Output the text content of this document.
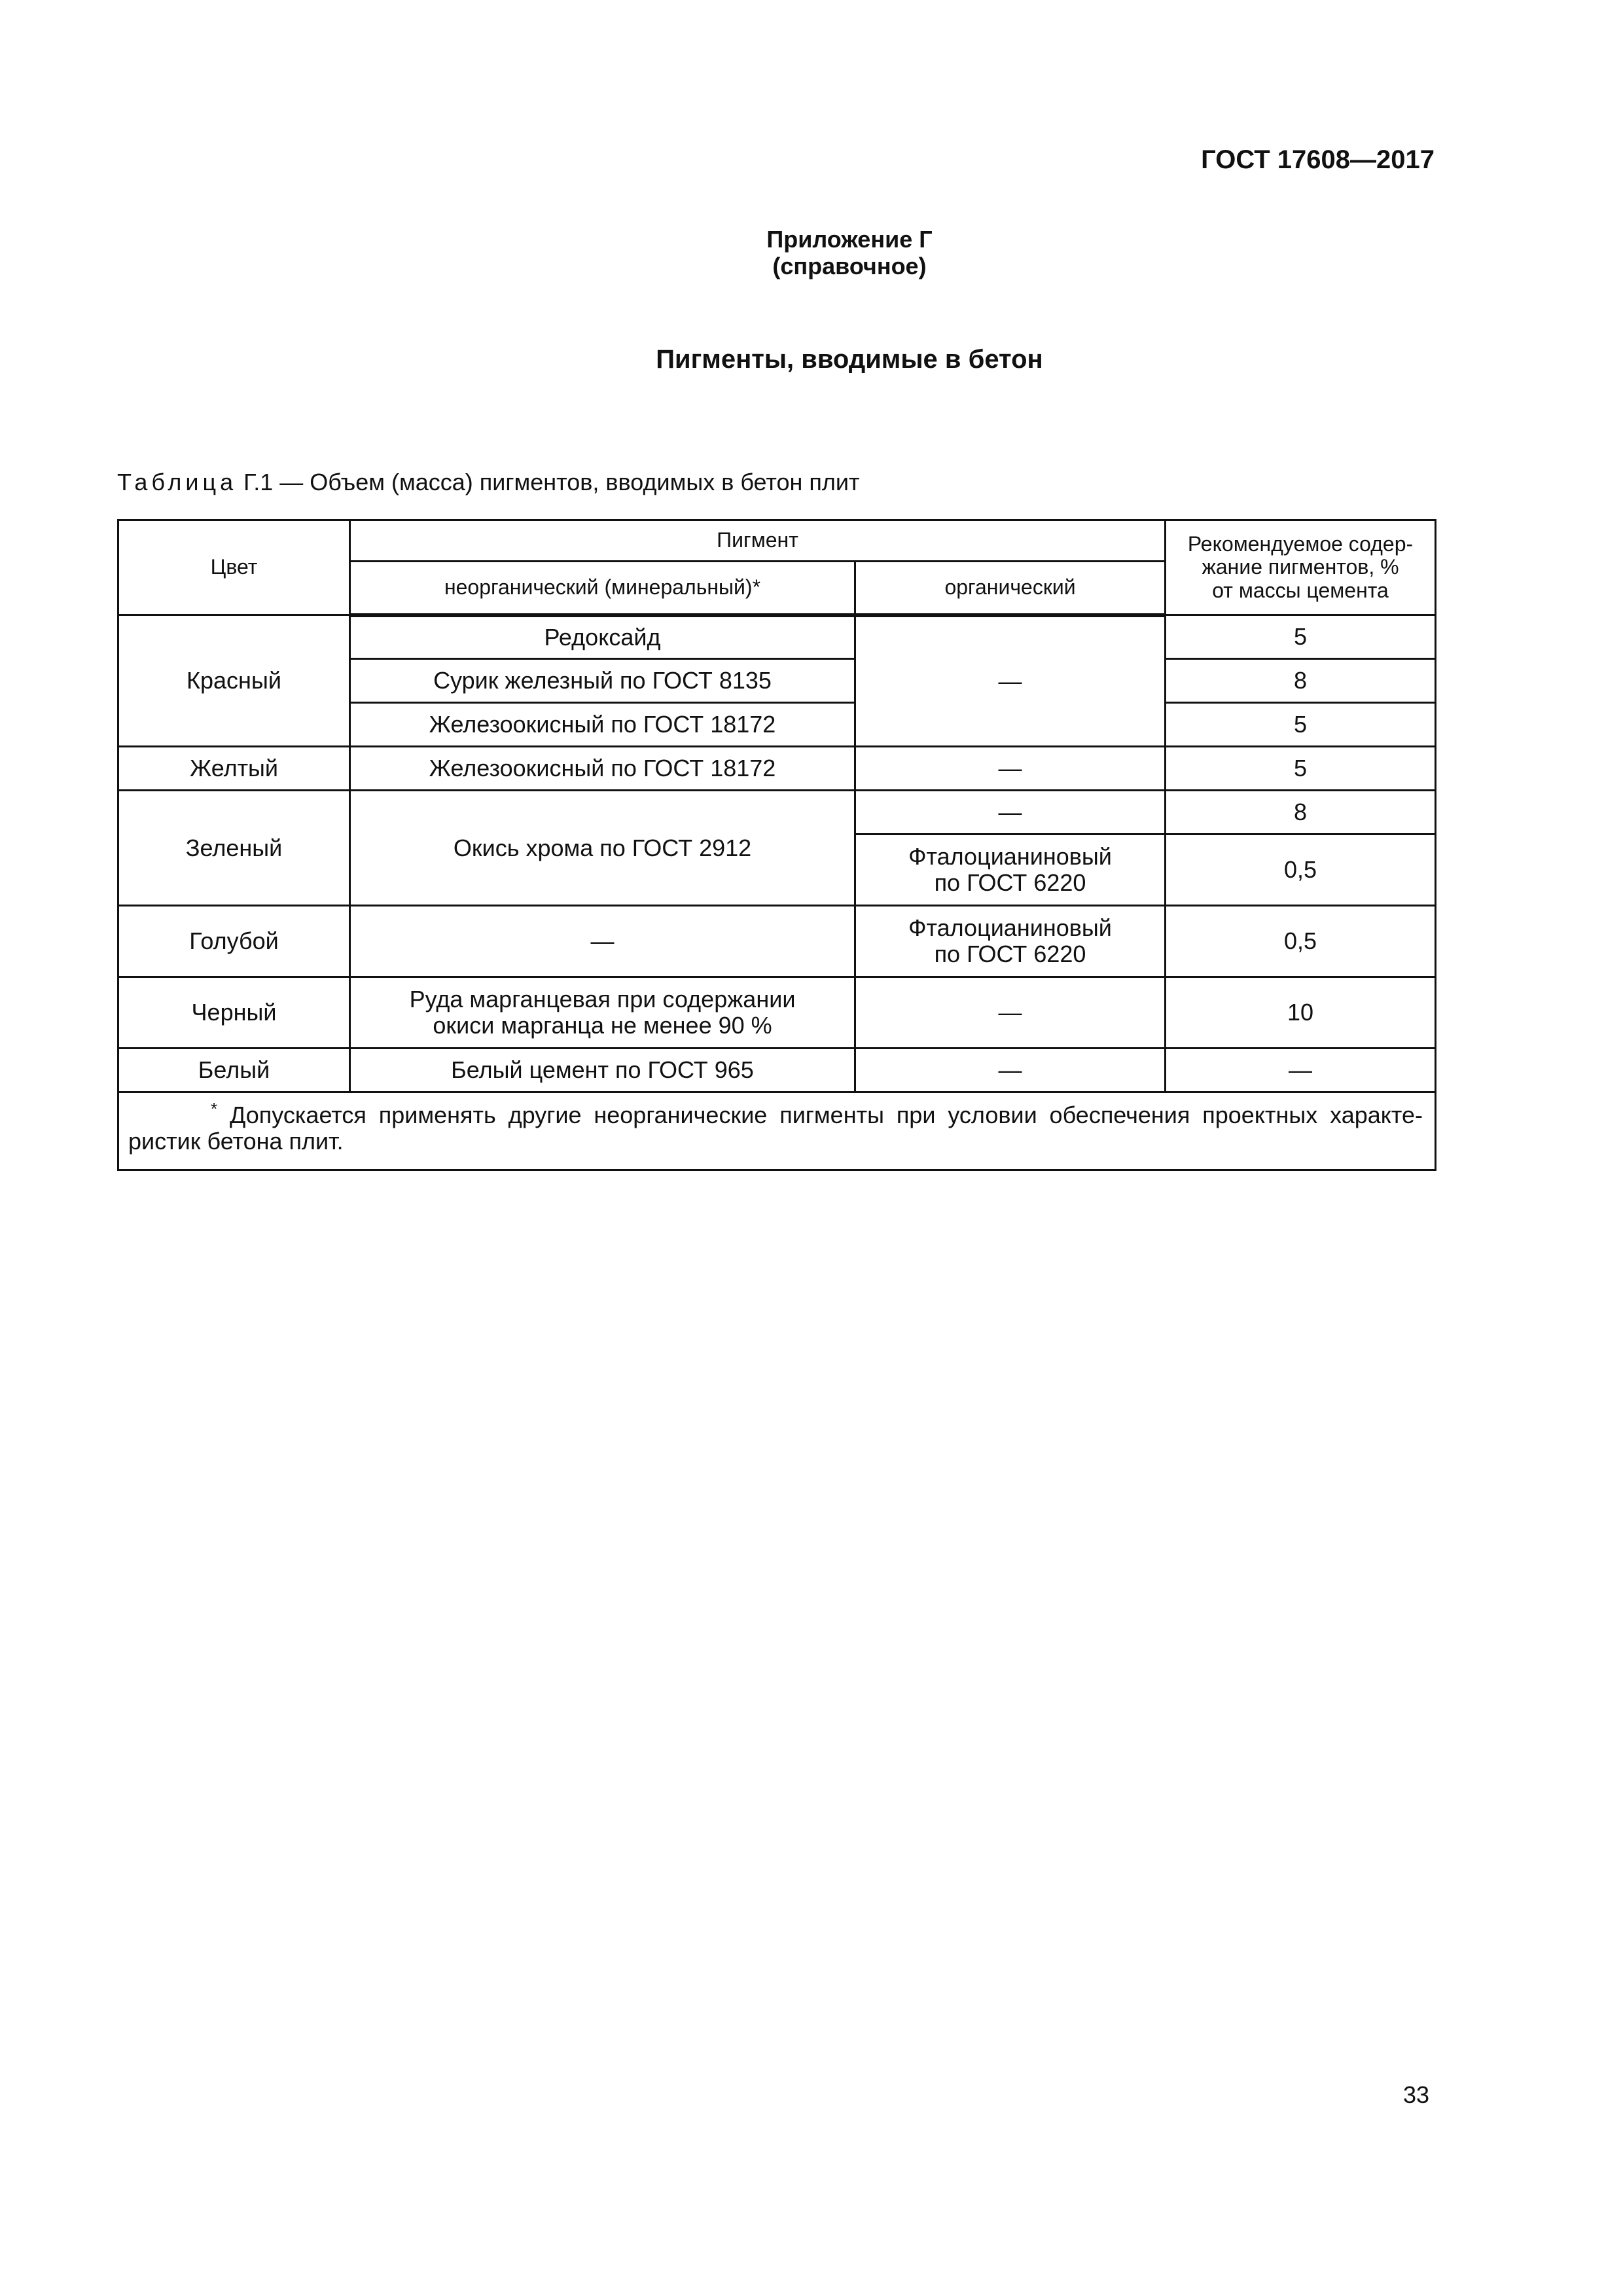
ГОСТ 17608—2017
Приложение Г
(справочное)
Пигменты, вводимые в бетон
Таблица Г.1 — Объем (масса) пигментов, вводимых в бетон плит
Цвет	Пигмент		Рекомендуемое содер-
жание пигментов, %
от массы цемента
	неорганический (минеральный)*	органический	
Красный	Редоксайд	—	5
	Сурик железный по ГОСТ 8135		8
	Железоокисный по ГОСТ 18172		5
Желтый	Железоокисный по ГОСТ 18172	—	5
Зеленый	Окись хрома по ГОСТ 2912	—	8
		Фталоцианиновый
по ГОСТ 6220	0,5
Голубой	—	Фталоцианиновый
по ГОСТ 6220	0,5
Черный	Руда марганцевая при содержании
окиси марганца не менее 90 %	—	10
Белый	Белый цемент по ГОСТ 965	—	—
* Допускается применять другие неорганические пигменты при условии обеспечения проектных характе-ристик бетона плит.			
33
